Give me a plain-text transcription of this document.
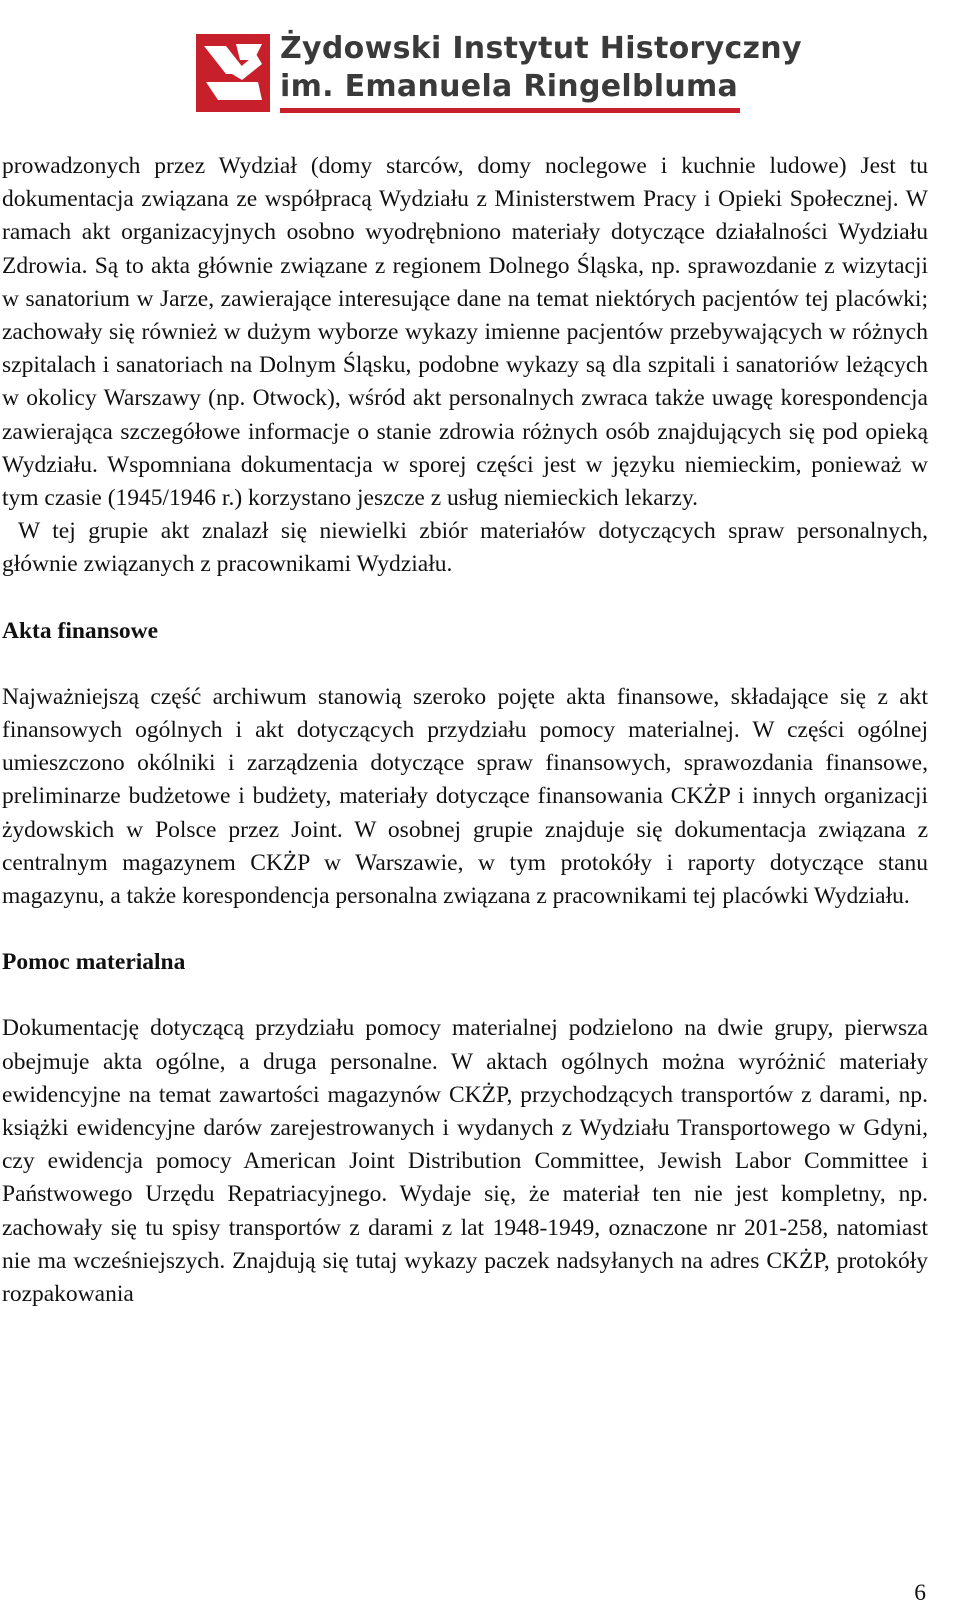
Żydowski Instytut Historyczny
im. Emanuela Ringelbluma

prowadzonych przez Wydział (domy starców, domy noclegowe i kuchnie ludowe) Jest tu dokumentacja związana ze współpracą Wydziału z Ministerstwem Pracy i Opieki Społecznej. W ramach akt organizacyjnych osobno wyodrębniono materiały dotyczące działalności Wydziału Zdrowia. Są to akta głównie związane z regionem Dolnego Śląska, np. sprawozdanie z wizytacji w sanatorium w Jarze, zawierające interesujące dane na temat niektórych pacjentów tej placówki; zachowały się również w dużym wyborze wykazy imienne pacjentów przebywających w różnych szpitalach i sanatoriach na Dolnym Śląsku, podobne wykazy są dla szpitali i sanatoriów leżących w okolicy Warszawy (np. Otwock), wśród akt personalnych zwraca także uwagę korespondencja zawierająca szczegółowe informacje o stanie zdrowia różnych osób znajdujących się pod opieką Wydziału. Wspomniana dokumentacja w sporej części jest w języku niemieckim, ponieważ w tym czasie (1945/1946 r.) korzystano jeszcze z usług niemieckich lekarzy.

W tej grupie akt znalazł się niewielki zbiór materiałów dotyczących spraw personalnych, głównie związanych z pracownikami Wydziału.

Akta finansowe

Najważniejszą część archiwum stanowią szeroko pojęte akta finansowe, składające się z akt finansowych ogólnych i akt dotyczących przydziału pomocy materialnej. W części ogólnej umieszczono okólniki i zarządzenia dotyczące spraw finansowych, sprawozdania finansowe, preliminarze budżetowe i budżety, materiały dotyczące finansowania CKŻP i innych organizacji żydowskich w Polsce przez Joint. W osobnej grupie znajduje się dokumentacja związana z centralnym magazynem CKŻP w Warszawie, w tym protokóły i raporty dotyczące stanu magazynu, a także korespondencja personalna związana z pracownikami tej placówki Wydziału.

Pomoc materialna

Dokumentację dotyczącą przydziału pomocy materialnej podzielono na dwie grupy, pierwsza obejmuje akta ogólne, a druga personalne. W aktach ogólnych można wyróżnić materiały ewidencyjne na temat zawartości magazynów CKŻP, przychodzących transportów z darami, np. książki ewidencyjne darów zarejestrowanych i wydanych z Wydziału Transportowego w Gdyni, czy ewidencja pomocy American Joint Distribution Committee, Jewish Labor Committee i Państwowego Urzędu Repatriacyjnego. Wydaje się, że materiał ten nie jest kompletny, np. zachowały się tu spisy transportów z darami z lat 1948-1949, oznaczone nr 201-258, natomiast nie ma wcześniejszych. Znajdują się tutaj wykazy paczek nadsyłanych na adres CKŻP, protokóły rozpakowania

6
